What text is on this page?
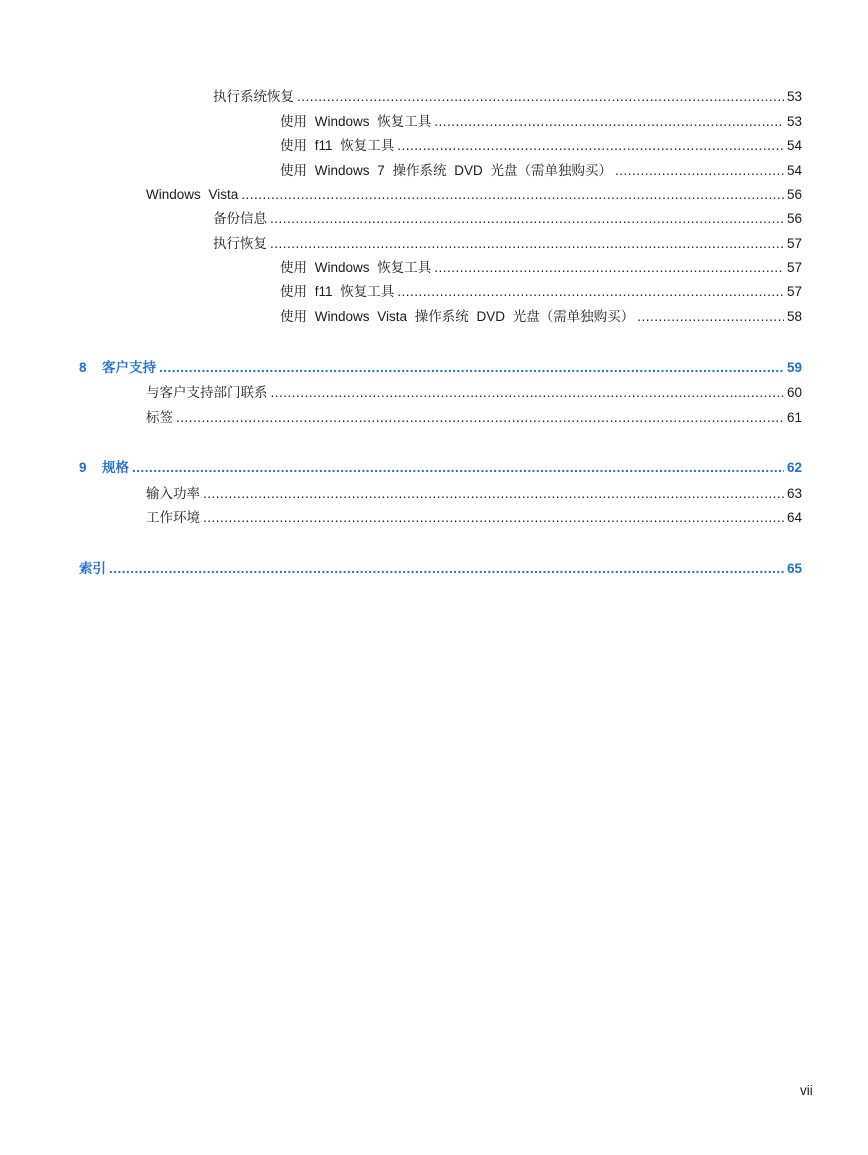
执行系统恢复 .....	53
使用 Windows 恢复工具 .....	53
使用 f11 恢复工具 .....	54
使用 Windows 7 操作系统 DVD 光盘（需单独购买） .....	54
Windows Vista .....	56
备份信息 .....	56
执行恢复 .....	57
使用 Windows 恢复工具 .....	57
使用 f11 恢复工具 .....	57
使用 Windows Vista 操作系统 DVD 光盘（需单独购买） .....	58
8 客户支持 .....	59
与客户支持部门联系 .....	60
标签 .....	61
9 规格 .....	62
输入功率 .....	63
工作环境 .....	64
索引 .....	65
vii
